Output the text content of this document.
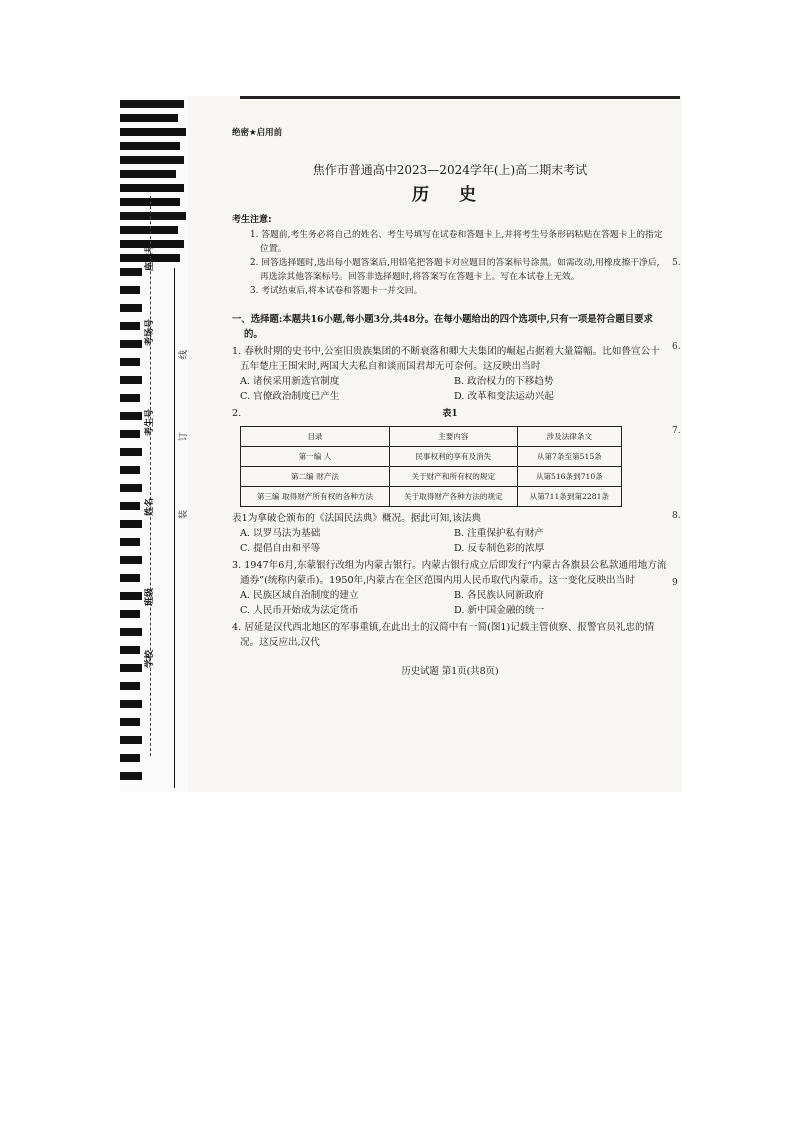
座位号
考场号
考生号
姓名
班级
学校
线
订
装
5.
6.
7.
8.
9
绝密★启用前
焦作市普通高中2023—2024学年(上)高二期末考试
历 史
考生注意:
1. 答题前,考生务必将自己的姓名、考生号填写在试卷和答题卡上,并将考生号条形码粘贴在答题卡上的指定位置。
2. 回答选择题时,选出每小题答案后,用铅笔把答题卡对应题目的答案标号涂黑。如需改动,用橡皮擦干净后,再选涂其他答案标号。回答非选择题时,将答案写在答题卡上。写在本试卷上无效。
3. 考试结束后,将本试卷和答题卡一并交回。
一、选择题:本题共16小题,每小题3分,共48分。在每小题给出的四个选项中,只有一项是符合题目要求的。
1. 春秋时期的史书中,公室旧贵族集团的不断衰落和卿大夫集团的崛起占据着大量篇幅。比如鲁宣公十五年楚庄王围宋时,两国大夫私自和谈而国君却无可奈何。这反映出当时
A. 诸侯采用新选官制度	B. 政治权力的下移趋势
C. 官僚政治制度已产生	D. 改革和变法运动兴起
2.	表1
目录	主要内容	涉及法律条文
第一编 人	民事权利的享有及消失	从第7条至第515条
第二编 财产法	关于财产和所有权的规定	从第516条到710条
第三编 取得财产所有权的各种方法	关于取得财产各种方法的规定	从第711条到第2281条
表1为拿破仑颁布的《法国民法典》概况。据此可知,该法典
A. 以罗马法为基础	B. 注重保护私有财产
C. 提倡自由和平等	D. 反专制色彩的浓厚
3. 1947年6月,东蒙银行改组为内蒙古银行。内蒙古银行成立后即发行“内蒙古各旗县公私款通用地方流通券”(统称内蒙币)。1950年,内蒙古在全区范围内用人民币取代内蒙币。这一变化反映出当时
A. 民族区域自治制度的建立	B. 各民族认同新政府
C. 人民币开始成为法定货币	D. 新中国金融的统一
4. 居延是汉代西北地区的军事重镇,在此出土的汉简中有一简(图1)记载主管侦察、报警官员礼忠的情况。这反应出,汉代
历史试题 第1页(共8页)
